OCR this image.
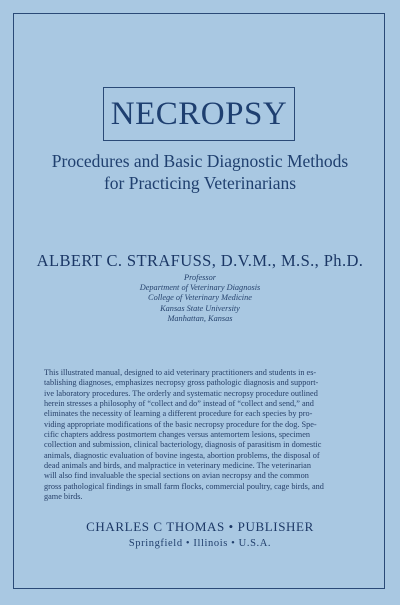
NECROPSY
Procedures and Basic Diagnostic Methods
for Practicing Veterinarians
ALBERT C. STRAFUSS, D.V.M., M.S., Ph.D.
Professor
Department of Veterinary Diagnosis
College of Veterinary Medicine
Kansas State University
Manhattan, Kansas
This illustrated manual, designed to aid veterinary practitioners and students in es-
tablishing diagnoses, emphasizes necropsy gross pathologic diagnosis and support-
ive laboratory procedures. The orderly and systematic necropsy procedure outlined
herein stresses a philosophy of “collect and do” instead of “collect and send,” and
eliminates the necessity of learning a different procedure for each species by pro-
viding appropriate modifications of the basic necropsy procedure for the dog. Spe-
cific chapters address postmortem changes versus antemortem lesions, specimen
collection and submission, clinical bacteriology, diagnosis of parasitism in domestic
animals, diagnostic evaluation of bovine ingesta, abortion problems, the disposal of
dead animals and birds, and malpractice in veterinary medicine. The veterinarian
will also find invaluable the special sections on avian necropsy and the common
gross pathological findings in small farm flocks, commercial poultry, cage birds, and
game birds.
CHARLES C THOMAS • PUBLISHER
Springfield • Illinois • U.S.A.
